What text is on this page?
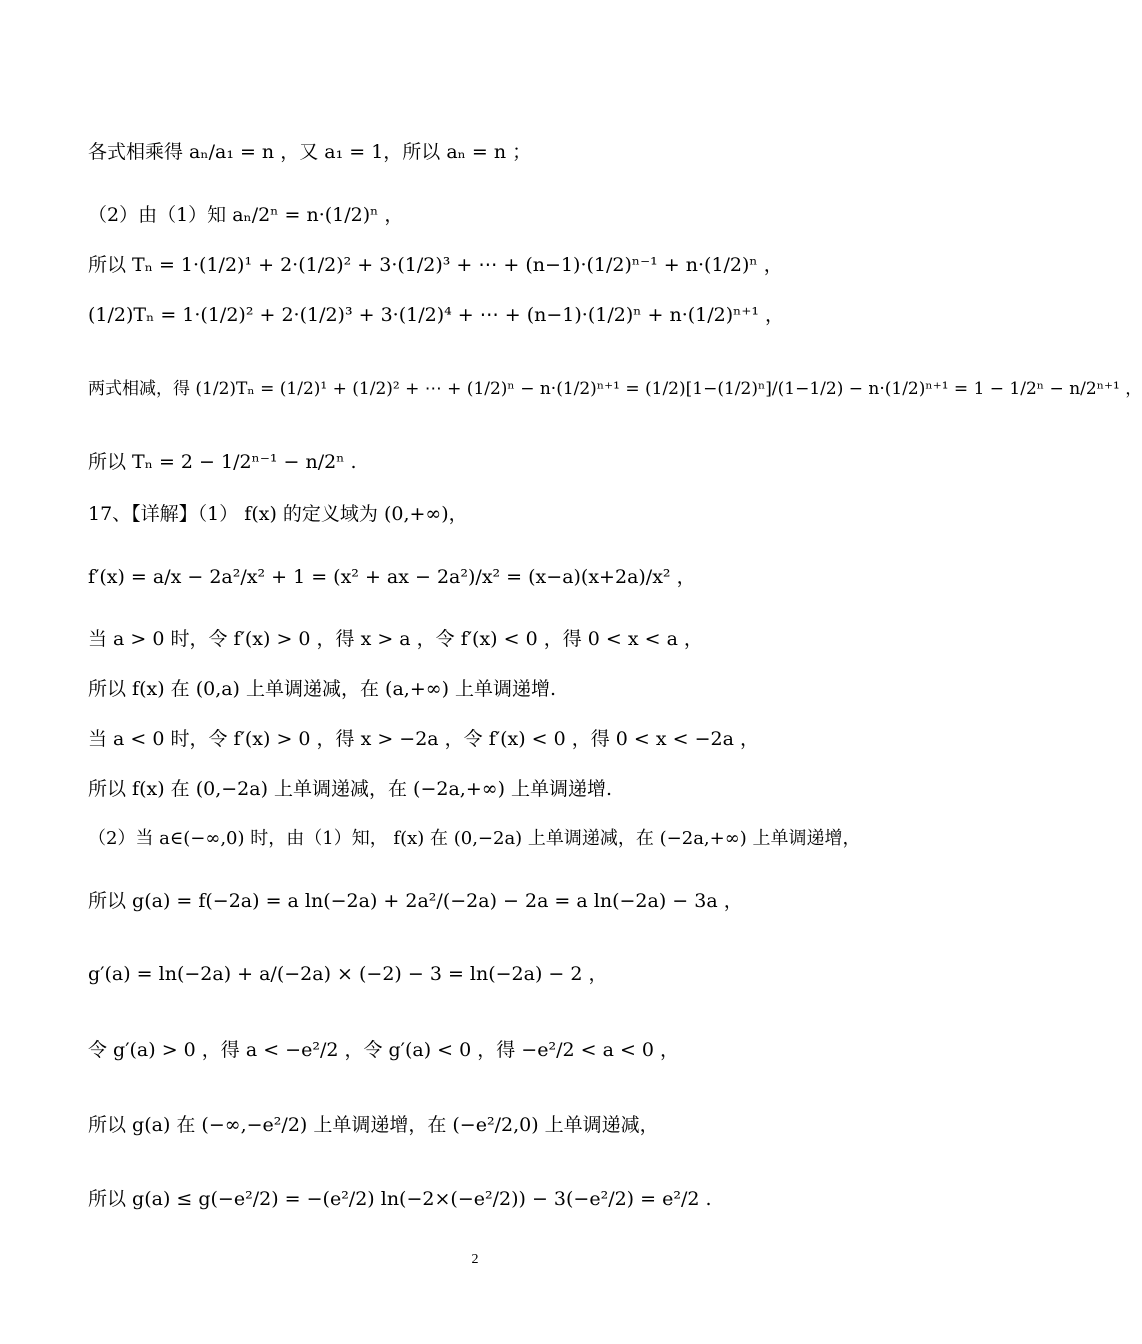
各式相乘得 aₙ/a₁ = n ，又 a₁ = 1，所以 aₙ = n ；
（2）由（1）知 aₙ/2ⁿ = n·(1/2)ⁿ ，
所以 Tₙ = 1·(1/2)¹ + 2·(1/2)² + 3·(1/2)³ + ⋯ + (n−1)·(1/2)ⁿ⁻¹ + n·(1/2)ⁿ ，
(1/2)Tₙ = 1·(1/2)² + 2·(1/2)³ + 3·(1/2)⁴ + ⋯ + (n−1)·(1/2)ⁿ + n·(1/2)ⁿ⁺¹ ，
两式相减，得 (1/2)Tₙ = (1/2)¹ + (1/2)² + ⋯ + (1/2)ⁿ − n·(1/2)ⁿ⁺¹ = (1/2)[1−(1/2)ⁿ]/(1−1/2) − n·(1/2)ⁿ⁺¹ = 1 − 1/2ⁿ − n/2ⁿ⁺¹ ，
所以 Tₙ = 2 − 1/2ⁿ⁻¹ − n/2ⁿ .
17、【详解】（1） f(x) 的定义域为 (0,+∞)，
f′(x) = a/x − 2a²/x² + 1 = (x² + ax − 2a²)/x² = (x−a)(x+2a)/x² ，
当 a > 0 时，令 f′(x) > 0 ，得 x > a ，令 f′(x) < 0 ，得 0 < x < a ，
所以 f(x) 在 (0,a) 上单调递减，在 (a,+∞) 上单调递增.
当 a < 0 时，令 f′(x) > 0 ，得 x > −2a ，令 f′(x) < 0 ，得 0 < x < −2a ，
所以 f(x) 在 (0,−2a) 上单调递减，在 (−2a,+∞) 上单调递增.
（2）当 a∈(−∞,0) 时，由（1）知， f(x) 在 (0,−2a) 上单调递减，在 (−2a,+∞) 上单调递增，
所以 g(a) = f(−2a) = a ln(−2a) + 2a²/(−2a) − 2a = a ln(−2a) − 3a ，
g′(a) = ln(−2a) + a/(−2a) × (−2) − 3 = ln(−2a) − 2 ，
令 g′(a) > 0 ，得 a < −e²/2 ，令 g′(a) < 0 ，得 −e²/2 < a < 0 ，
所以 g(a) 在 (−∞,−e²/2) 上单调递增，在 (−e²/2,0) 上单调递减，
所以 g(a) ≤ g(−e²/2) = −(e²/2) ln(−2×(−e²/2)) − 3(−e²/2) = e²/2 .
2
